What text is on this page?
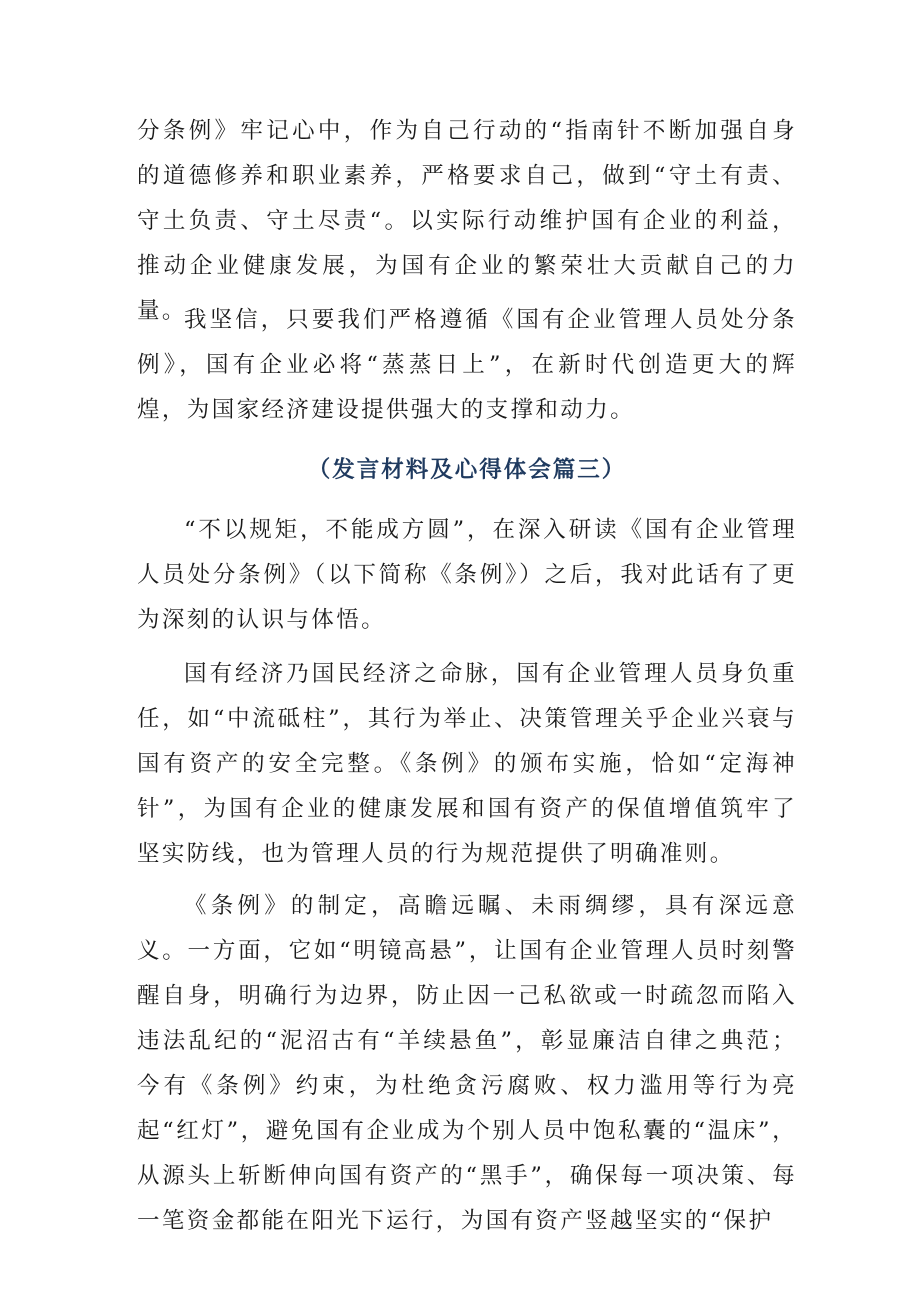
分条例》牢记心中，作为自己行动的“指南针不断加强自身的道德修养和职业素养，严格要求自己，做到“守土有责、守土负责、守土尽责“。以实际行动维护国有企业的利益，推动企业健康发展，为国有企业的繁荣壮大贡献自己的力量。

我坚信，只要我们严格遵循《国有企业管理人员处分条例》，国有企业必将“蒸蒸日上”，在新时代创造更大的辉煌，为国家经济建设提供强大的支撑和动力。

（发言材料及心得体会篇三）

“不以规矩，不能成方圆”，在深入研读《国有企业管理人员处分条例》（以下简称《条例》）之后，我对此话有了更为深刻的认识与体悟。

国有经济乃国民经济之命脉，国有企业管理人员身负重任，如“中流砥柱”，其行为举止、决策管理关乎企业兴衰与国有资产的安全完整。《条例》的颁布实施，恰如“定海神针”，为国有企业的健康发展和国有资产的保值增值筑牢了坚实防线，也为管理人员的行为规范提供了明确准则。

《条例》的制定，高瞻远瞩、未雨绸缪，具有深远意义。一方面，它如“明镜高悬”，让国有企业管理人员时刻警醒自身，明确行为边界，防止因一己私欲或一时疏忽而陷入违法乱纪的“泥沼古有“羊续悬鱼”，彰显廉洁自律之典范；今有《条例》约束，为杜绝贪污腐败、权力滥用等行为亮起“红灯”，避免国有企业成为个别人员中饱私囊的“温床”，从源头上斩断伸向国有资产的“黑手”，确保每一项决策、每一笔资金都能在阳光下运行，为国有资产竖越坚实的“保护
